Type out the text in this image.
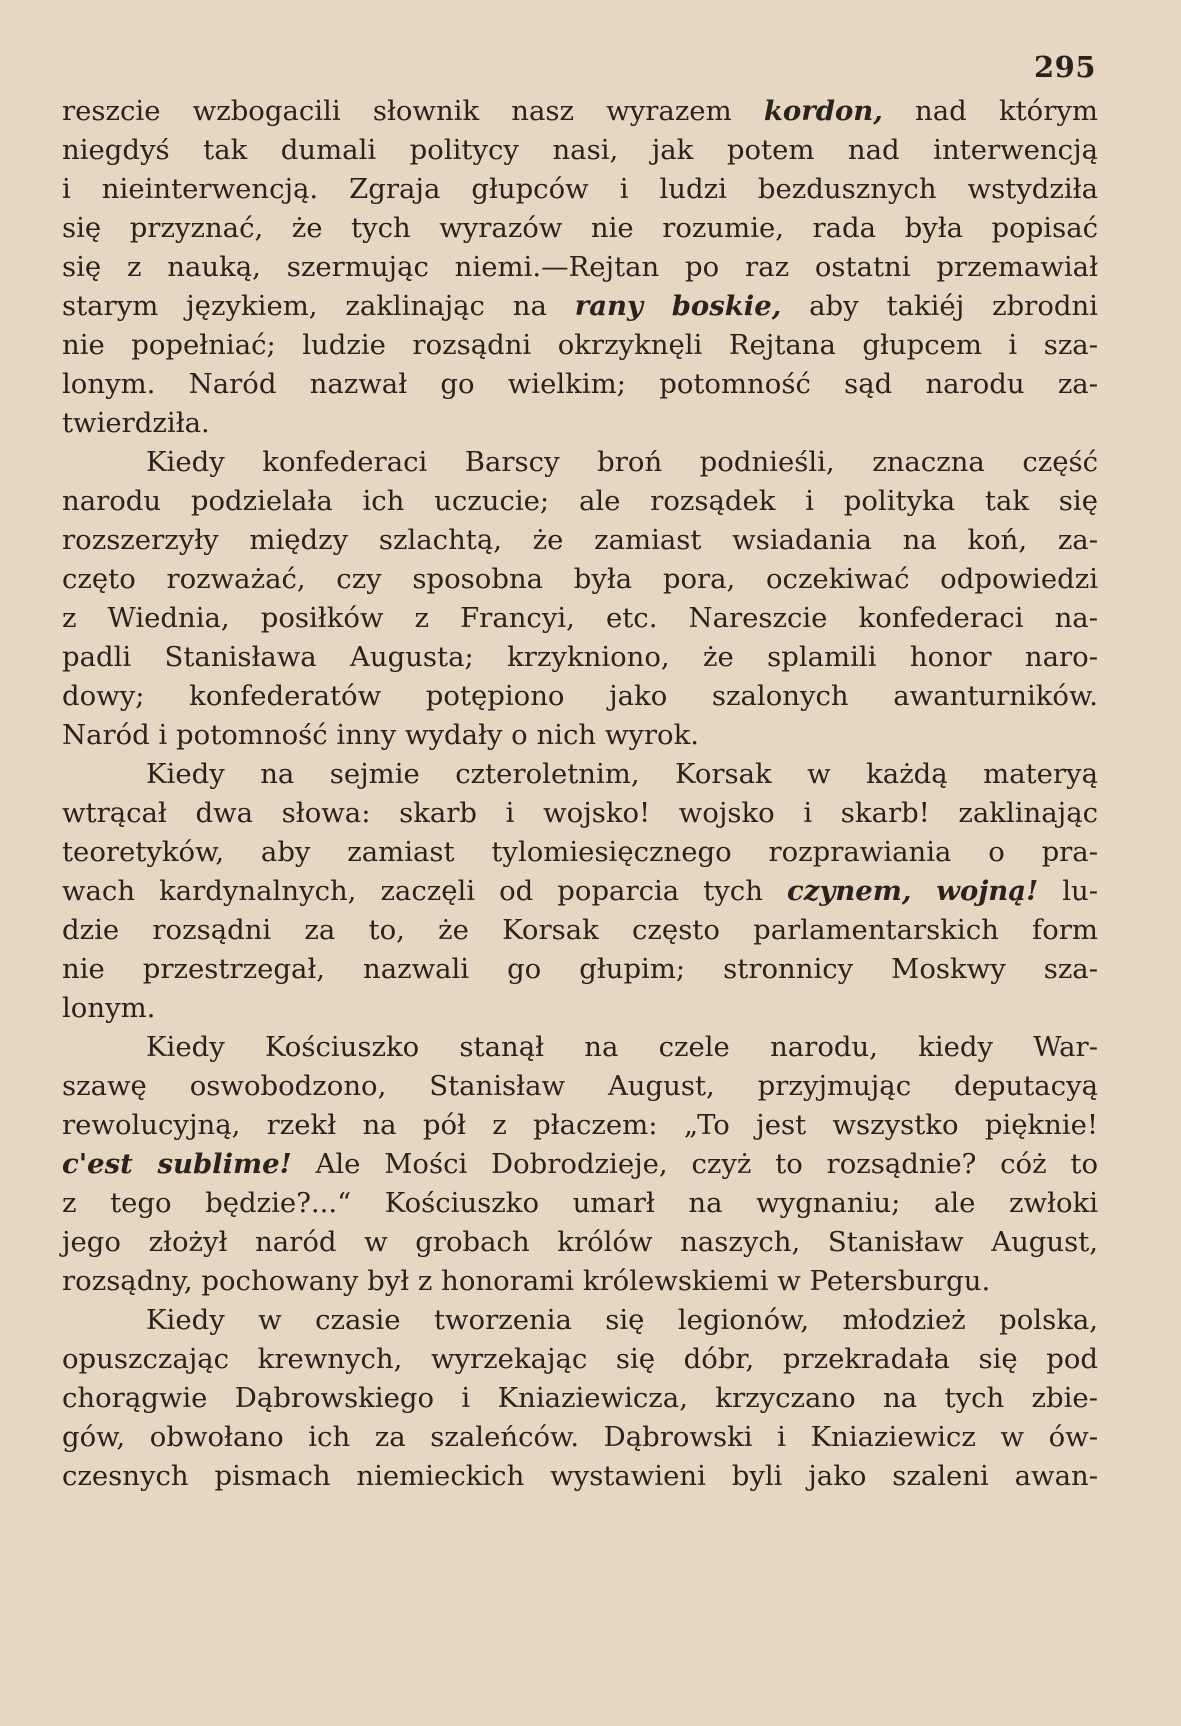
295
reszcie wzbogacili słownik nasz wyrazem kordon, nad którym
niegdyś tak dumali politycy nasi, jak potem nad interwencją
i nieinterwencją. Zgraja głupców i ludzi bezdusznych wstydziła
się przyznać, że tych wyrazów nie rozumie, rada była popisać
się z nauką, szermując niemi.—Rejtan po raz ostatni przemawiał
starym językiem, zaklinając na rany boskie, aby takiéj zbrodni
nie popełniać; ludzie rozsądni okrzyknęli Rejtana głupcem i sza-
lonym. Naród nazwał go wielkim; potomność sąd narodu za-
twierdziła.
Kiedy konfederaci Barscy broń podnieśli, znaczna część
narodu podzielała ich uczucie; ale rozsądek i polityka tak się
rozszerzyły między szlachtą, że zamiast wsiadania na koń, za-
częto rozważać, czy sposobna była pora, oczekiwać odpowiedzi
z Wiednia, posiłków z Francyi, etc. Nareszcie konfederaci na-
padli Stanisława Augusta; krzykniono, że splamili honor naro-
dowy; konfederatów potępiono jako szalonych awanturników.
Naród i potomność inny wydały o nich wyrok.
Kiedy na sejmie czteroletnim, Korsak w każdą materyą
wtrącał dwa słowa: skarb i wojsko! wojsko i skarb! zaklinając
teoretyków, aby zamiast tylomiesięcznego rozprawiania o pra-
wach kardynalnych, zaczęli od poparcia tych czynem, wojną! lu-
dzie rozsądni za to, że Korsak często parlamentarskich form
nie przestrzegał, nazwali go głupim; stronnicy Moskwy sza-
lonym.
Kiedy Kościuszko stanął na czele narodu, kiedy War-
szawę oswobodzono, Stanisław August, przyjmując deputacyą
rewolucyjną, rzekł na pół z płaczem: „To jest wszystko pięknie!
c'est sublime! Ale Mości Dobrodzieje, czyż to rozsądnie? cóż to
z tego będzie?...“ Kościuszko umarł na wygnaniu; ale zwłoki
jego złożył naród w grobach królów naszych, Stanisław August,
rozsądny, pochowany był z honorami królewskiemi w Petersburgu.
Kiedy w czasie tworzenia się legionów, młodzież polska,
opuszczając krewnych, wyrzekając się dóbr, przekradała się pod
chorągwie Dąbrowskiego i Kniaziewicza, krzyczano na tych zbie-
gów, obwołano ich za szaleńców. Dąbrowski i Kniaziewicz w ów-
czesnych pismach niemieckich wystawieni byli jako szaleni awan-
